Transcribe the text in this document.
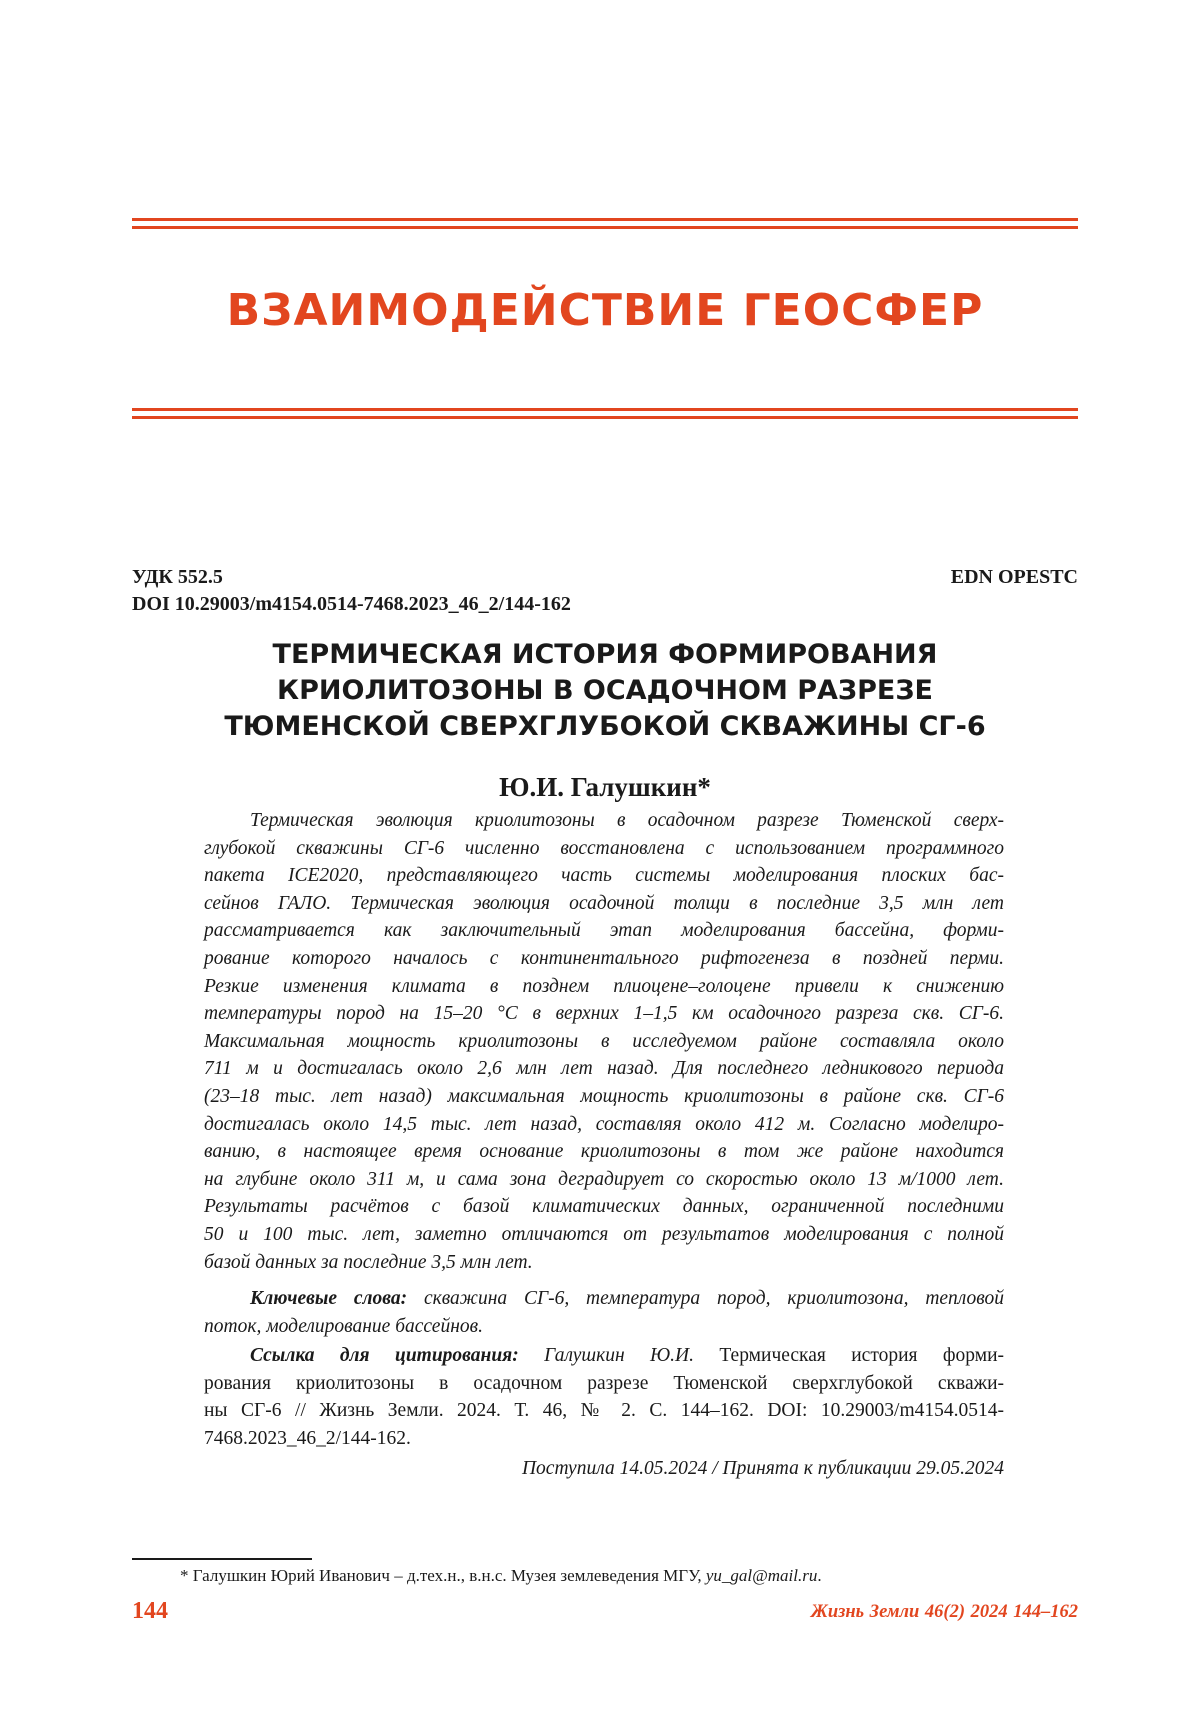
ВЗАИМОДЕЙСТВИЕ ГЕОСФЕР
УДК 552.5
DOI 10.29003/m4154.0514-7468.2023_46_2/144-162
EDN OPESTC
ТЕРМИЧЕСКАЯ ИСТОРИЯ ФОРМИРОВАНИЯ
КРИОЛИТОЗОНЫ В ОСАДОЧНОМ РАЗРЕЗЕ
ТЮМЕНСКОЙ СВЕРХГЛУБОКОЙ СКВАЖИНЫ СГ-6
Ю.И. Галушкин*
Термическая эволюция криолитозоны в осадочном разрезе Тюменской сверх-
глубокой скважины СГ-6 численно восстановлена с использованием программного
пакета ICE2020, представляющего часть системы моделирования плоских бас-
сейнов ГАЛО. Термическая эволюция осадочной толщи в последние 3,5 млн лет
рассматривается как заключительный этап моделирования бассейна, форми-
рование которого началось с континентального рифтогенеза в поздней перми.
Резкие изменения климата в позднем плиоцене–голоцене привели к снижению
температуры пород на 15–20 °С в верхних 1–1,5 км осадочного разреза скв. СГ-6.
Максимальная мощность криолитозоны в исследуемом районе составляла около
711 м и достигалась около 2,6 млн лет назад. Для последнего ледникового периода
(23–18 тыс. лет назад) максимальная мощность криолитозоны в районе скв. СГ-6
достигалась около 14,5 тыс. лет назад, составляя около 412 м. Согласно моделиро-
ванию, в настоящее время основание криолитозоны в том же районе находится
на глубине около 311 м, и сама зона деградирует со скоростью около 13 м/1000 лет.
Результаты расчётов с базой климатических данных, ограниченной последними
50 и 100 тыс. лет, заметно отличаются от результатов моделирования с полной
базой данных за последние 3,5 млн лет.
Ключевые слова: скважина СГ-6, температура пород, криолитозона, тепловой
поток, моделирование бассейнов.
Ссылка для цитирования: Галушкин Ю.И. Термическая история форми-
рования криолитозоны в осадочном разрезе Тюменской сверхглубокой скважи-
ны СГ-6 // Жизнь Земли. 2024. Т. 46, № 2. С. 144–162. DOI: 10.29003/m4154.0514-
7468.2023_46_2/144-162.
Поступила 14.05.2024 / Принята к публикации 29.05.2024
* Галушкин Юрий Иванович – д.тех.н., в.н.с. Музея землеведения МГУ, yu_gal@mail.ru.
144	Жизнь Земли 46(2) 2024 144–162
